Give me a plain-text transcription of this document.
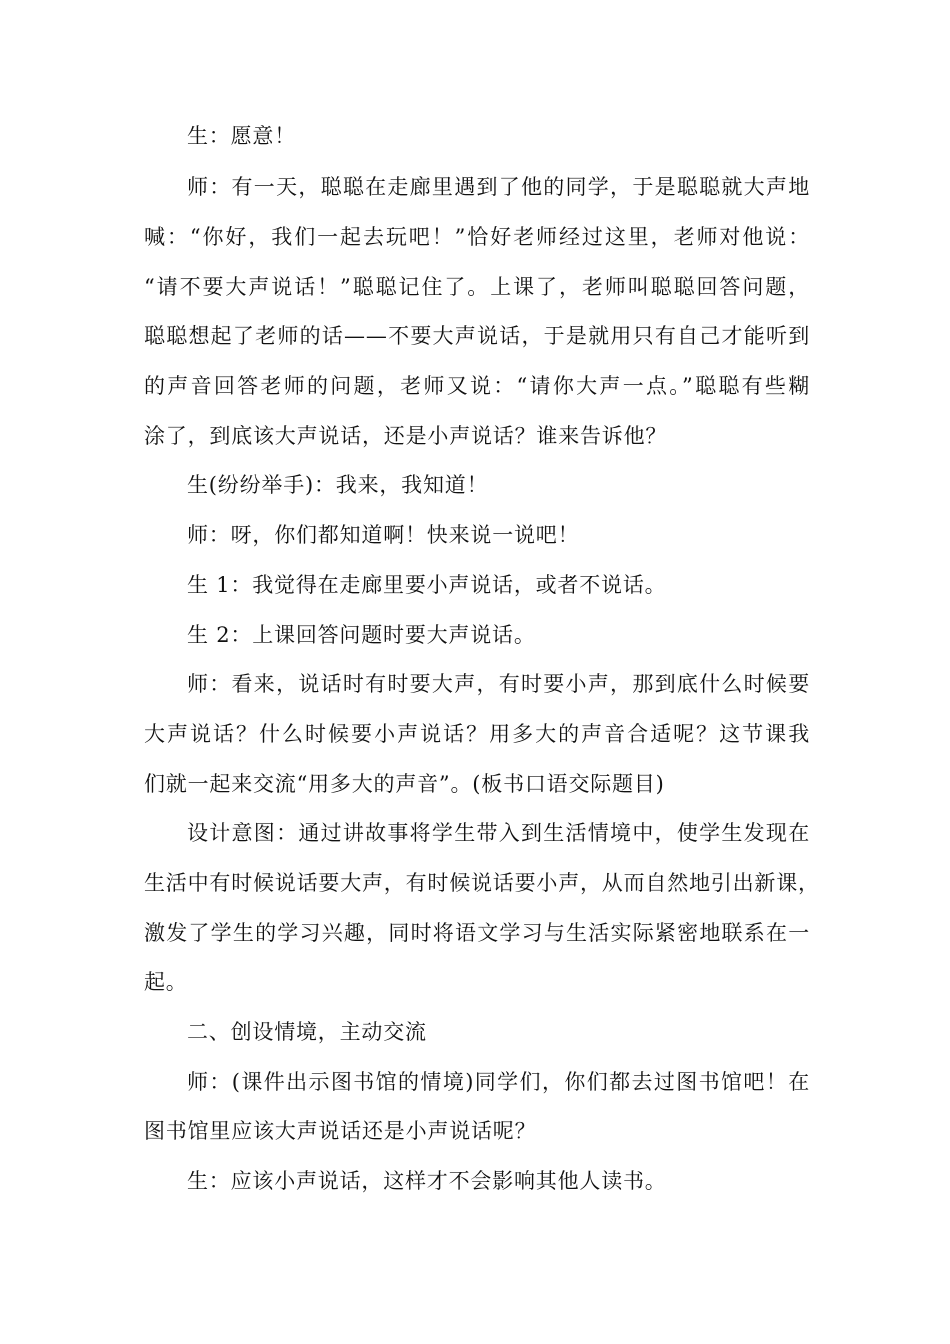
生：愿意！
师：有一天，聪聪在走廊里遇到了他的同学，于是聪聪就大声地
喊：“你好，我们一起去玩吧！”恰好老师经过这里，老师对他说：
“请不要大声说话！”聪聪记住了。上课了，老师叫聪聪回答问题，
聪聪想起了老师的话——不要大声说话，于是就用只有自己才能听到
的声音回答老师的问题，老师又说：“请你大声一点。”聪聪有些糊
涂了，到底该大声说话，还是小声说话？谁来告诉他？
生(纷纷举手)：我来，我知道！
师：呀，你们都知道啊！快来说一说吧！
生 1：我觉得在走廊里要小声说话，或者不说话。
生 2：上课回答问题时要大声说话。
师：看来，说话时有时要大声，有时要小声，那到底什么时候要
大声说话？什么时候要小声说话？用多大的声音合适呢？这节课我
们就一起来交流“用多大的声音”。(板书口语交际题目)
设计意图：通过讲故事将学生带入到生活情境中，使学生发现在
生活中有时候说话要大声，有时候说话要小声，从而自然地引出新课，
激发了学生的学习兴趣，同时将语文学习与生活实际紧密地联系在一
起。
二、创设情境，主动交流
师：(课件出示图书馆的情境)同学们，你们都去过图书馆吧！在
图书馆里应该大声说话还是小声说话呢？
生：应该小声说话，这样才不会影响其他人读书。
